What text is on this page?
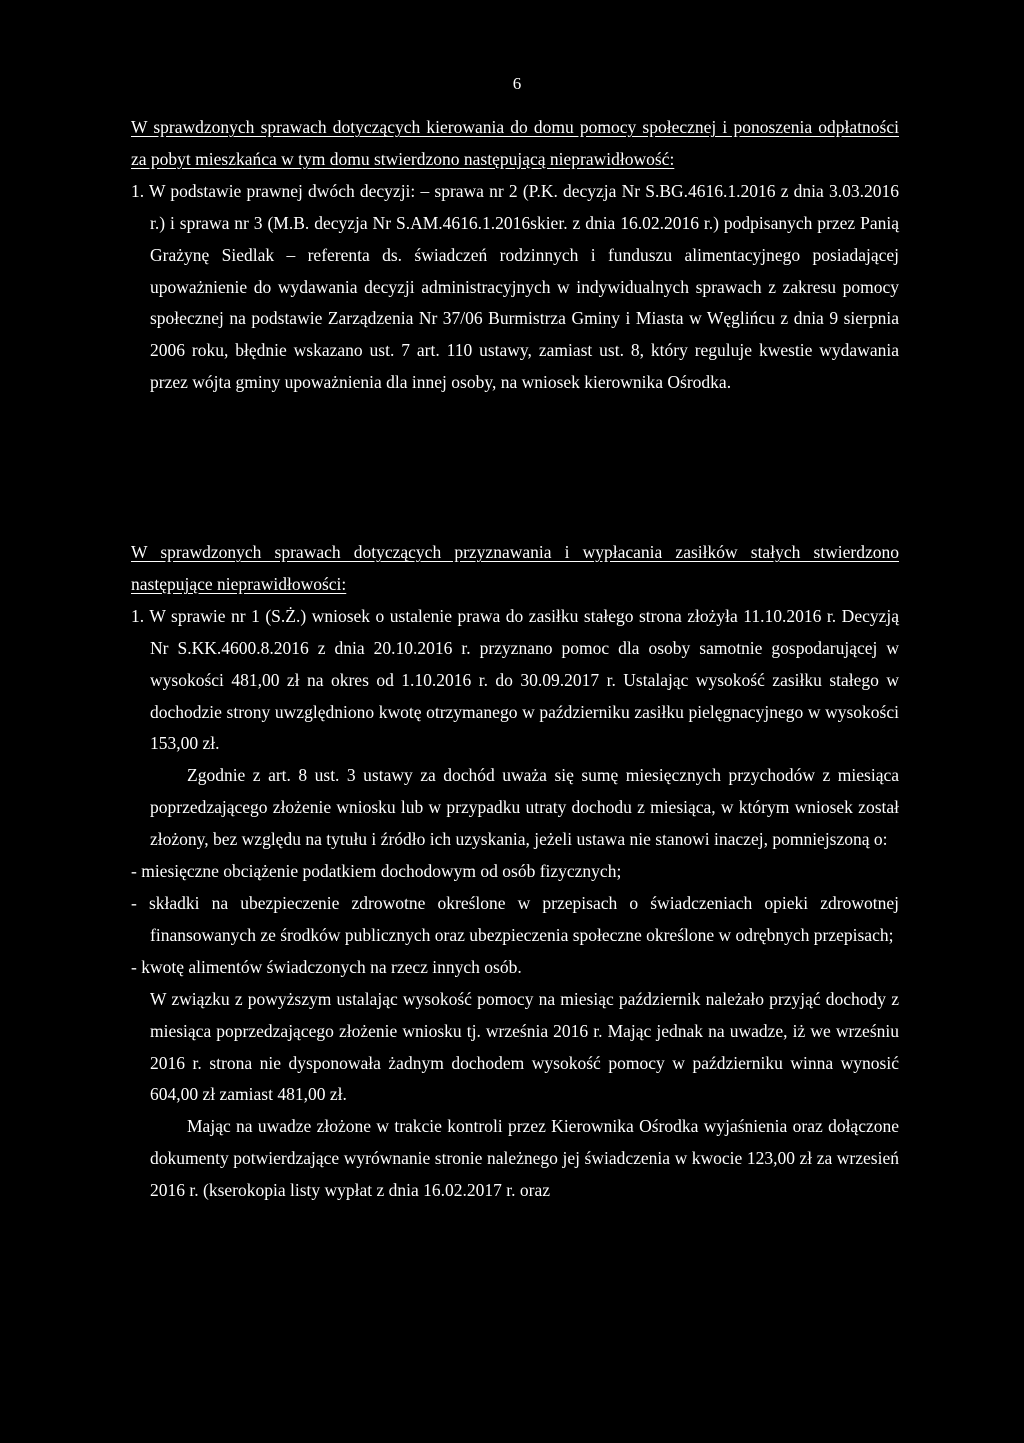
6

W sprawdzonych sprawach dotyczących kierowania do domu pomocy społecznej i ponoszenia odpłatności za pobyt mieszkańca w tym domu stwierdzono następującą nieprawidłowość:

1. W podstawie prawnej dwóch decyzji: – sprawa nr 2 (P.K. decyzja Nr S.BG.4616.1.2016 z dnia 3.03.2016 r.) i sprawa nr 3 (M.B. decyzja Nr S.AM.4616.1.2016skier. z dnia 16.02.2016 r.) podpisanych przez Panią Grażynę Siedlak – referenta ds. świadczeń rodzinnych i funduszu alimentacyjnego posiadającej upoważnienie do wydawania decyzji administracyjnych w indywidualnych sprawach z zakresu pomocy społecznej na podstawie Zarządzenia Nr 37/06 Burmistrza Gminy i Miasta w Węglińcu z dnia 9 sierpnia 2006 roku, błędnie wskazano ust. 7 art. 110 ustawy, zamiast ust. 8, który reguluje kwestie wydawania przez wójta gminy upoważnienia dla innej osoby, na wniosek kierownika Ośrodka.

W sprawdzonych sprawach dotyczących przyznawania i wypłacania zasiłków stałych stwierdzono następujące nieprawidłowości:

1. W sprawie nr 1 (S.Ż.) wniosek o ustalenie prawa do zasiłku stałego strona złożyła 11.10.2016 r. Decyzją Nr S.KK.4600.8.2016 z dnia 20.10.2016 r. przyznano pomoc dla osoby samotnie gospodarującej w wysokości 481,00 zł na okres od 1.10.2016 r. do 30.09.2017 r. Ustalając wysokość zasiłku stałego w dochodzie strony uwzględniono kwotę otrzymanego w październiku zasiłku pielęgnacyjnego w wysokości 153,00 zł.

Zgodnie z art. 8 ust. 3 ustawy za dochód uważa się sumę miesięcznych przychodów z miesiąca poprzedzającego złożenie wniosku lub w przypadku utraty dochodu z miesiąca, w którym wniosek został złożony, bez względu na tytułu i źródło ich uzyskania, jeżeli ustawa nie stanowi inaczej, pomniejszoną o:

- miesięczne obciążenie podatkiem dochodowym od osób fizycznych;

- składki na ubezpieczenie zdrowotne określone w przepisach o świadczeniach opieki zdrowotnej finansowanych ze środków publicznych oraz ubezpieczenia społeczne określone w odrębnych przepisach;

- kwotę alimentów świadczonych na rzecz innych osób.

W związku z powyższym ustalając wysokość pomocy na miesiąc październik należało przyjąć dochody z miesiąca poprzedzającego złożenie wniosku tj. września 2016 r. Mając jednak na uwadze, iż we wrześniu 2016 r. strona nie dysponowała żadnym dochodem wysokość pomocy w październiku winna wynosić 604,00 zł zamiast 481,00 zł.

Mając na uwadze złożone w trakcie kontroli przez Kierownika Ośrodka wyjaśnienia oraz dołączone dokumenty potwierdzające wyrównanie stronie należnego jej świadczenia w kwocie 123,00 zł za wrzesień 2016 r. (kserokopia listy wypłat z dnia 16.02.2017 r. oraz
